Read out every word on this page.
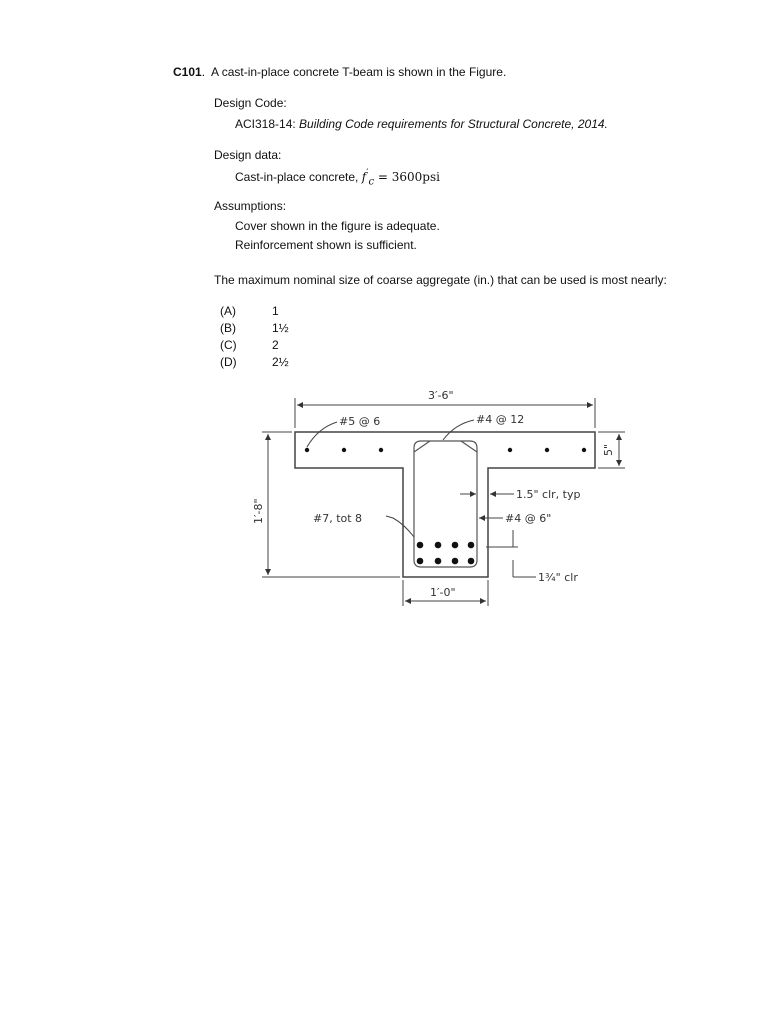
C101.  A cast-in-place concrete T-beam is shown in the Figure.
Design Code:
ACI318-14: Building Code requirements for Structural Concrete, 2014.
Design data:
Cast-in-place concrete, $f'_c = 3600psi$
Assumptions:
Cover shown in the figure is adequate.
Reinforcement shown is sufficient.
The maximum nominal size of coarse aggregate (in.) that can be used is most nearly:
(A)	1
(B)	1½
(C)	2
(D)	2½
3′-6"
#5 @ 6	#4 @ 12
5"
1′-8"
1.5" clr, typ
#7, tot 8	#4 @ 6"
1¾" clr
1′-0"
